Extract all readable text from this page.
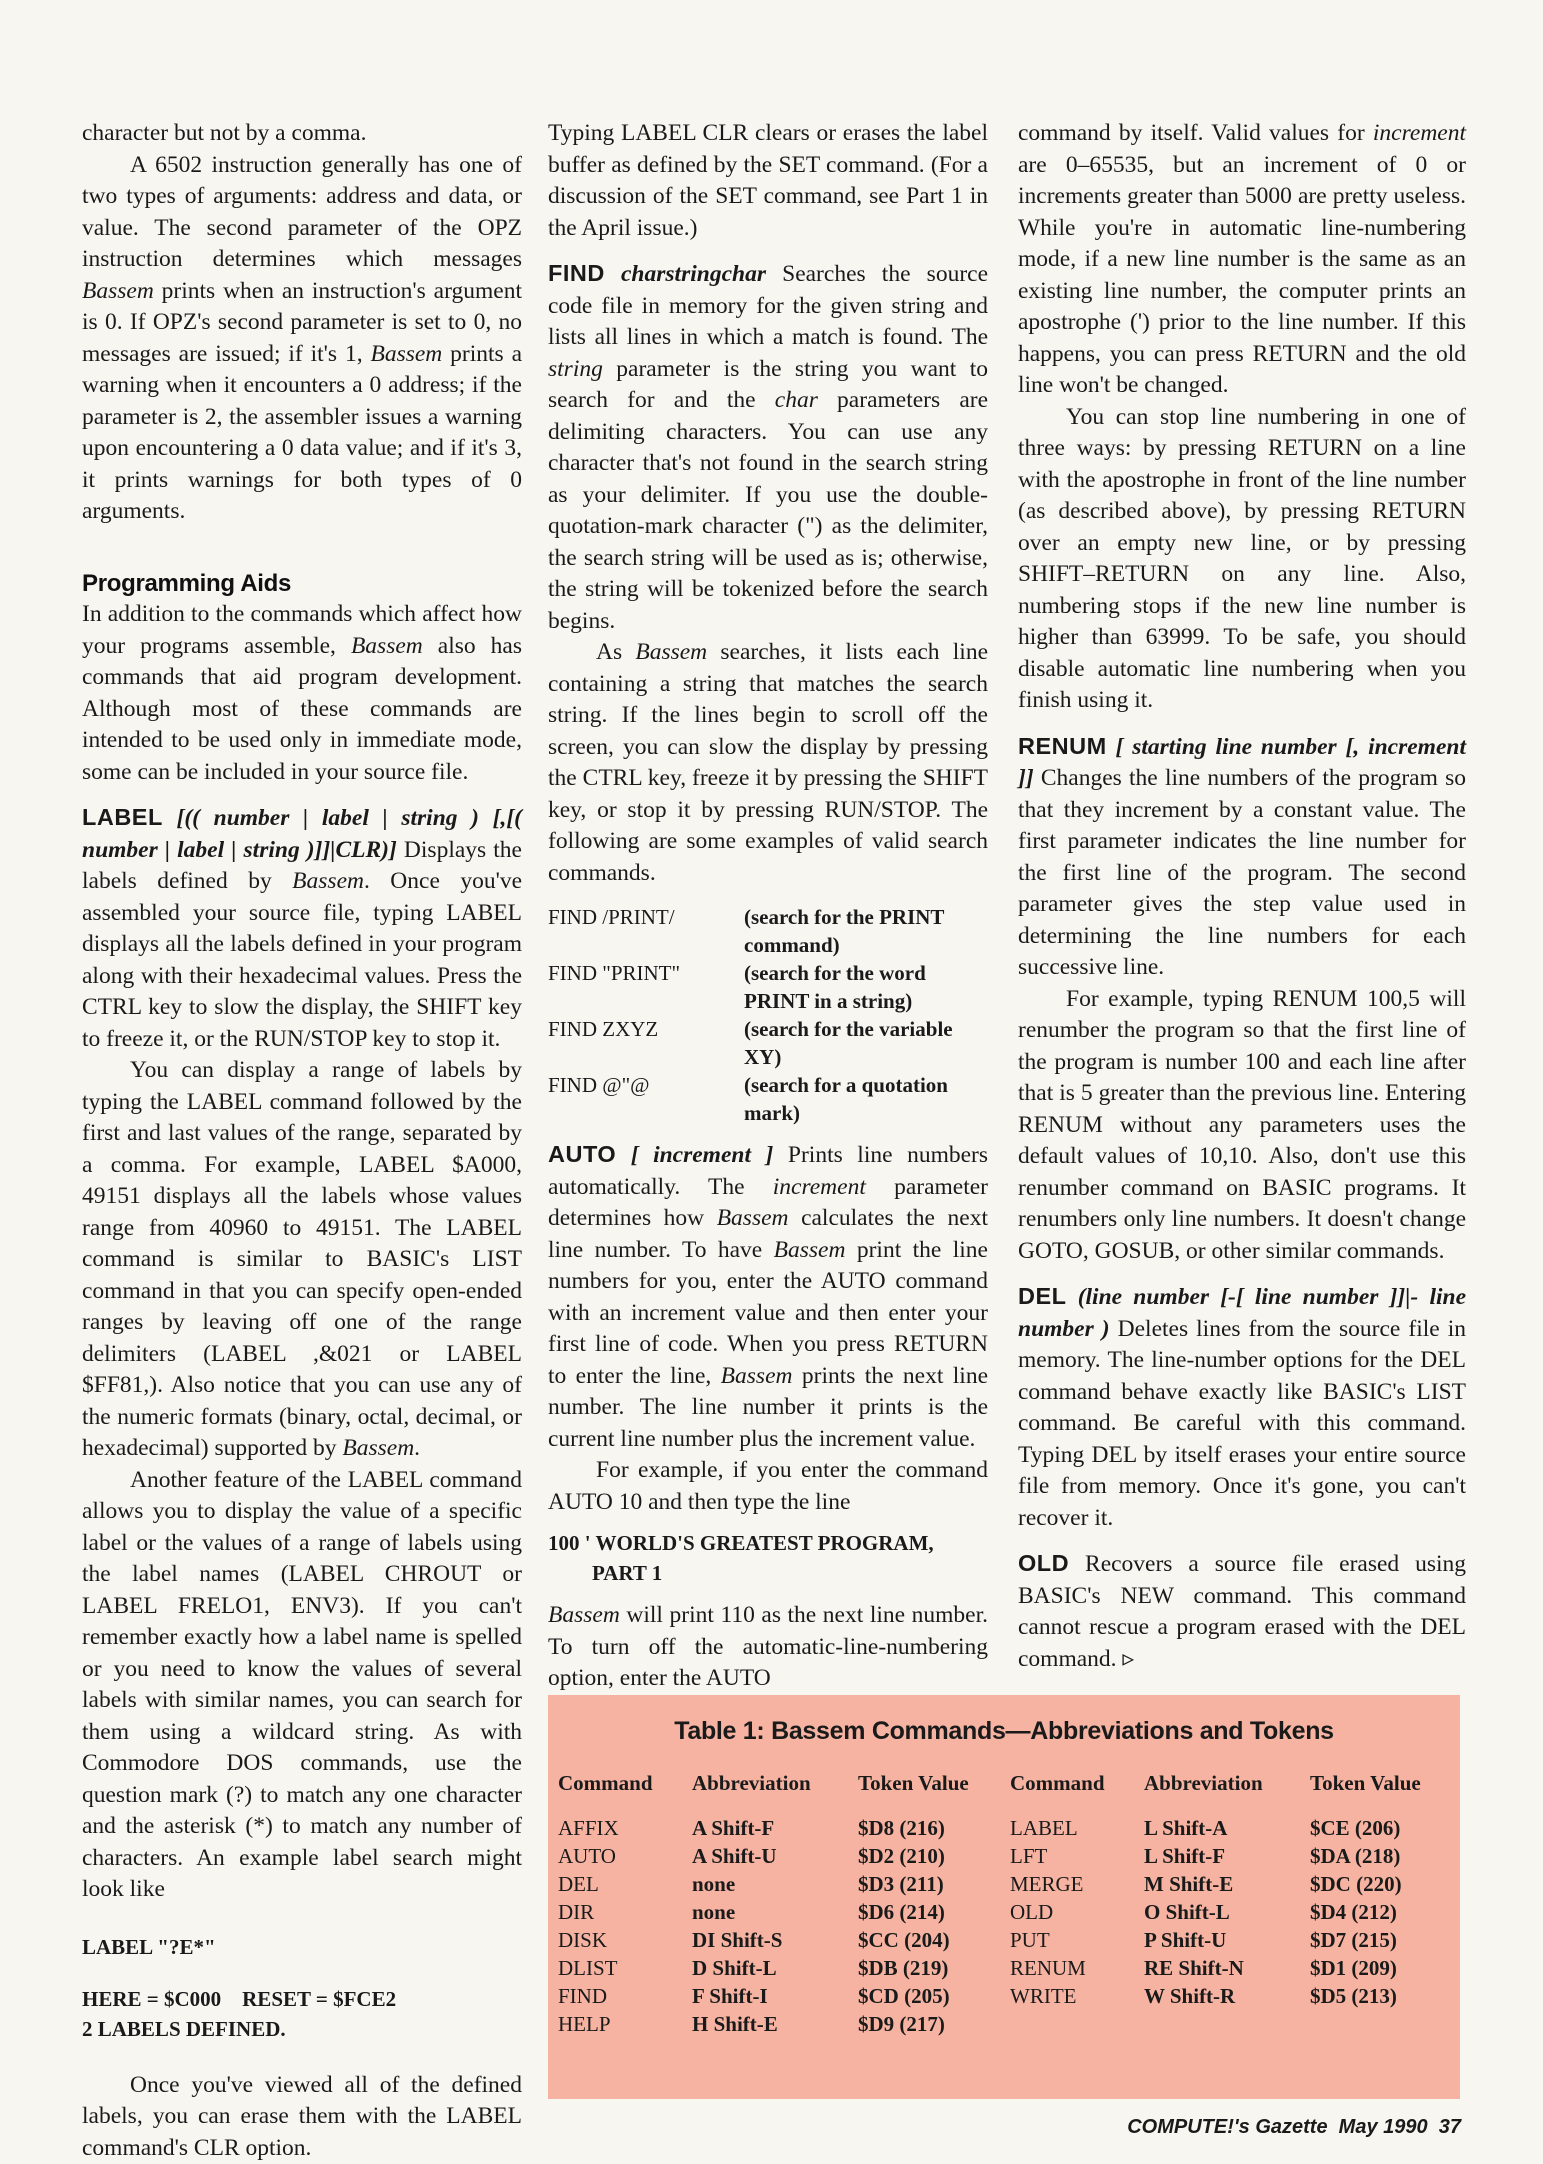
character but not by a comma.

A 6502 instruction generally has one of two types of arguments: address and data, or value. The second parameter of the OPZ instruction determines which messages Bassem prints when an instruction's argument is 0. If OPZ's second parameter is set to 0, no messages are issued; if it's 1, Bassem prints a warning when it encounters a 0 address; if the parameter is 2, the assembler issues a warning upon encountering a 0 data value; and if it's 3, it prints warnings for both types of 0 arguments.

Programming Aids

In addition to the commands which affect how your programs assemble, Bassem also has commands that aid program development. Although most of these commands are intended to be used only in immediate mode, some can be included in your source file.

LABEL [(( number | label | string ) [,[( number | label | string )]]|CLR)] Displays the labels defined by Bassem. Once you've assembled your source file, typing LABEL displays all the labels defined in your program along with their hexadecimal values. Press the CTRL key to slow the display, the SHIFT key to freeze it, or the RUN/STOP key to stop it.

You can display a range of labels by typing the LABEL command followed by the first and last values of the range, separated by a comma. For example, LABEL $A000, 49151 displays all the labels whose values range from 40960 to 49151. The LABEL command is similar to BASIC's LIST command in that you can specify open-ended ranges by leaving off one of the range delimiters (LABEL ,&021 or LABEL $FF81,). Also notice that you can use any of the numeric formats (binary, octal, decimal, or hexadecimal) supported by Bassem.

Another feature of the LABEL command allows you to display the value of a specific label or the values of a range of labels using the label names (LABEL CHROUT or LABEL FRELO1, ENV3). If you can't remember exactly how a label name is spelled or you need to know the values of several labels with similar names, you can search for them using a wildcard string. As with Commodore DOS commands, use the question mark (?) to match any one character and the asterisk (*) to match any number of characters. An example label search might look like

LABEL "?E*"
HERE = $C000    RESET = $FCE2
2 LABELS DEFINED.

Once you've viewed all of the defined labels, you can erase them with the LABEL command's CLR option.

Typing LABEL CLR clears or erases the label buffer as defined by the SET command. (For a discussion of the SET command, see Part 1 in the April issue.)

FIND charstringchar Searches the source code file in memory for the given string and lists all lines in which a match is found. The string parameter is the string you want to search for and the char parameters are delimiting characters. You can use any character that's not found in the search string as your delimiter. If you use the double-quotation-mark character (") as the delimiter, the search string will be used as is; otherwise, the string will be tokenized before the search begins.

As Bassem searches, it lists each line containing a string that matches the search string. If the lines begin to scroll off the screen, you can slow the display by pressing the CTRL key, freeze it by pressing the SHIFT key, or stop it by pressing RUN/STOP. The following are some examples of valid search commands.

FIND /PRINT/	(search for the PRINT command)
FIND "PRINT"	(search for the word PRINT in a string)
FIND ZXYZ	(search for the variable XY)
FIND @"@	(search for a quotation mark)

AUTO [ increment ] Prints line numbers automatically. The increment parameter determines how Bassem calculates the next line number. To have Bassem print the line numbers for you, enter the AUTO command with an increment value and then enter your first line of code. When you press RETURN to enter the line, Bassem prints the next line number. The line number it prints is the current line number plus the increment value.

For example, if you enter the command AUTO 10 and then type the line

100 ' WORLD'S GREATEST PROGRAM,
PART 1

Bassem will print 110 as the next line number. To turn off the automatic-line-numbering option, enter the AUTO

command by itself. Valid values for increment are 0–65535, but an increment of 0 or increments greater than 5000 are pretty useless. While you're in automatic line-numbering mode, if a new line number is the same as an existing line number, the computer prints an apostrophe (') prior to the line number. If this happens, you can press RETURN and the old line won't be changed.

You can stop line numbering in one of three ways: by pressing RETURN on a line with the apostrophe in front of the line number (as described above), by pressing RETURN over an empty new line, or by pressing SHIFT–RETURN on any line. Also, numbering stops if the new line number is higher than 63999. To be safe, you should disable automatic line numbering when you finish using it.

RENUM [ starting line number [, increment ]] Changes the line numbers of the program so that they increment by a constant value. The first parameter indicates the line number for the first line of the program. The second parameter gives the step value used in determining the line numbers for each successive line.

For example, typing RENUM 100,5 will renumber the program so that the first line of the program is number 100 and each line after that is 5 greater than the previous line. Entering RENUM without any parameters uses the default values of 10,10. Also, don't use this renumber command on BASIC programs. It renumbers only line numbers. It doesn't change GOTO, GOSUB, or other similar commands.

DEL (line number [-[ line number ]]|- line number ) Deletes lines from the source file in memory. The line-number options for the DEL command behave exactly like BASIC's LIST command. Be careful with this command. Typing DEL by itself erases your entire source file from memory. Once it's gone, you can't recover it.

OLD Recovers a source file erased using BASIC's NEW command. This command cannot rescue a program erased with the DEL command. ▹

Table 1: Bassem Commands—Abbreviations and Tokens
Command	Abbreviation	Token Value
AFFIX	A Shift-F	$D8 (216)
AUTO	A Shift-U	$D2 (210)
DEL	none	$D3 (211)
DIR	none	$D6 (214)
DISK	DI Shift-S	$CC (204)
DLIST	D Shift-L	$DB (219)
FIND	F Shift-I	$CD (205)
HELP	H Shift-E	$D9 (217)
Command	Abbreviation	Token Value
LABEL	L Shift-A	$CE (206)
LFT	L Shift-F	$DA (218)
MERGE	M Shift-E	$DC (220)
OLD	O Shift-L	$D4 (212)
PUT	P Shift-U	$D7 (215)
RENUM	RE Shift-N	$D1 (209)
WRITE	W Shift-R	$D5 (213)
COMPUTE!'s Gazette  May 1990  37
